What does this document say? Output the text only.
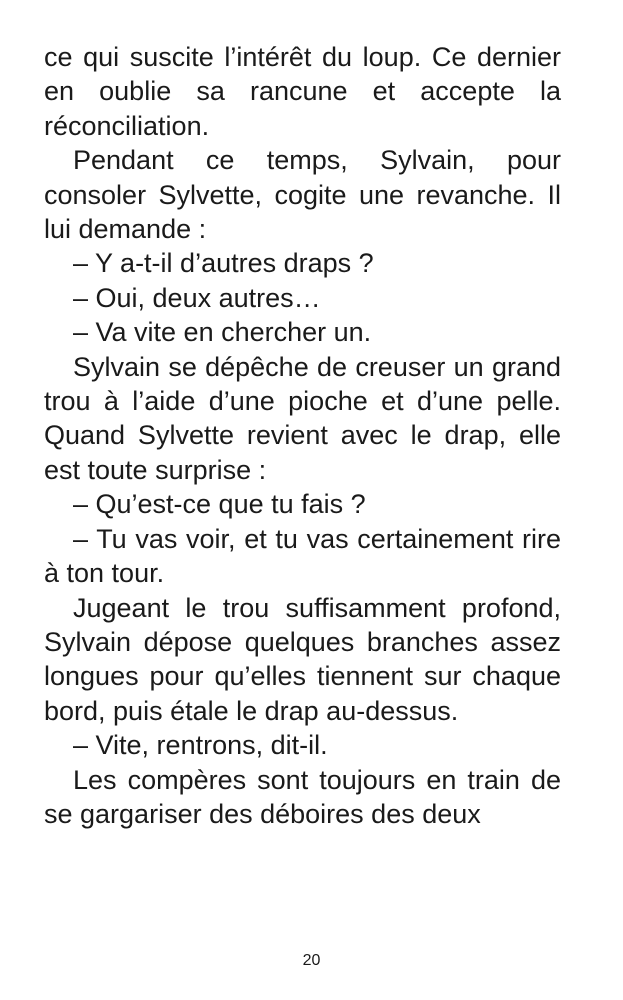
ce qui suscite l’intérêt du loup. Ce dernier en oublie sa rancune et accepte la réconciliation.

Pendant ce temps, Sylvain, pour consoler Sylvette, cogite une revanche. Il lui demande :

– Y a-t-il d’autres draps ?

– Oui, deux autres…

– Va vite en chercher un.

Sylvain se dépêche de creuser un grand trou à l’aide d’une pioche et d’une pelle. Quand Sylvette revient avec le drap, elle est toute surprise :

– Qu’est-ce que tu fais ?

– Tu vas voir, et tu vas certainement rire à ton tour.

Jugeant le trou suffisamment profond, Sylvain dépose quelques branches assez longues pour qu’elles tiennent sur chaque bord, puis étale le drap au-dessus.

– Vite, rentrons, dit-il.

Les compères sont toujours en train de se gargariser des déboires des deux

20
